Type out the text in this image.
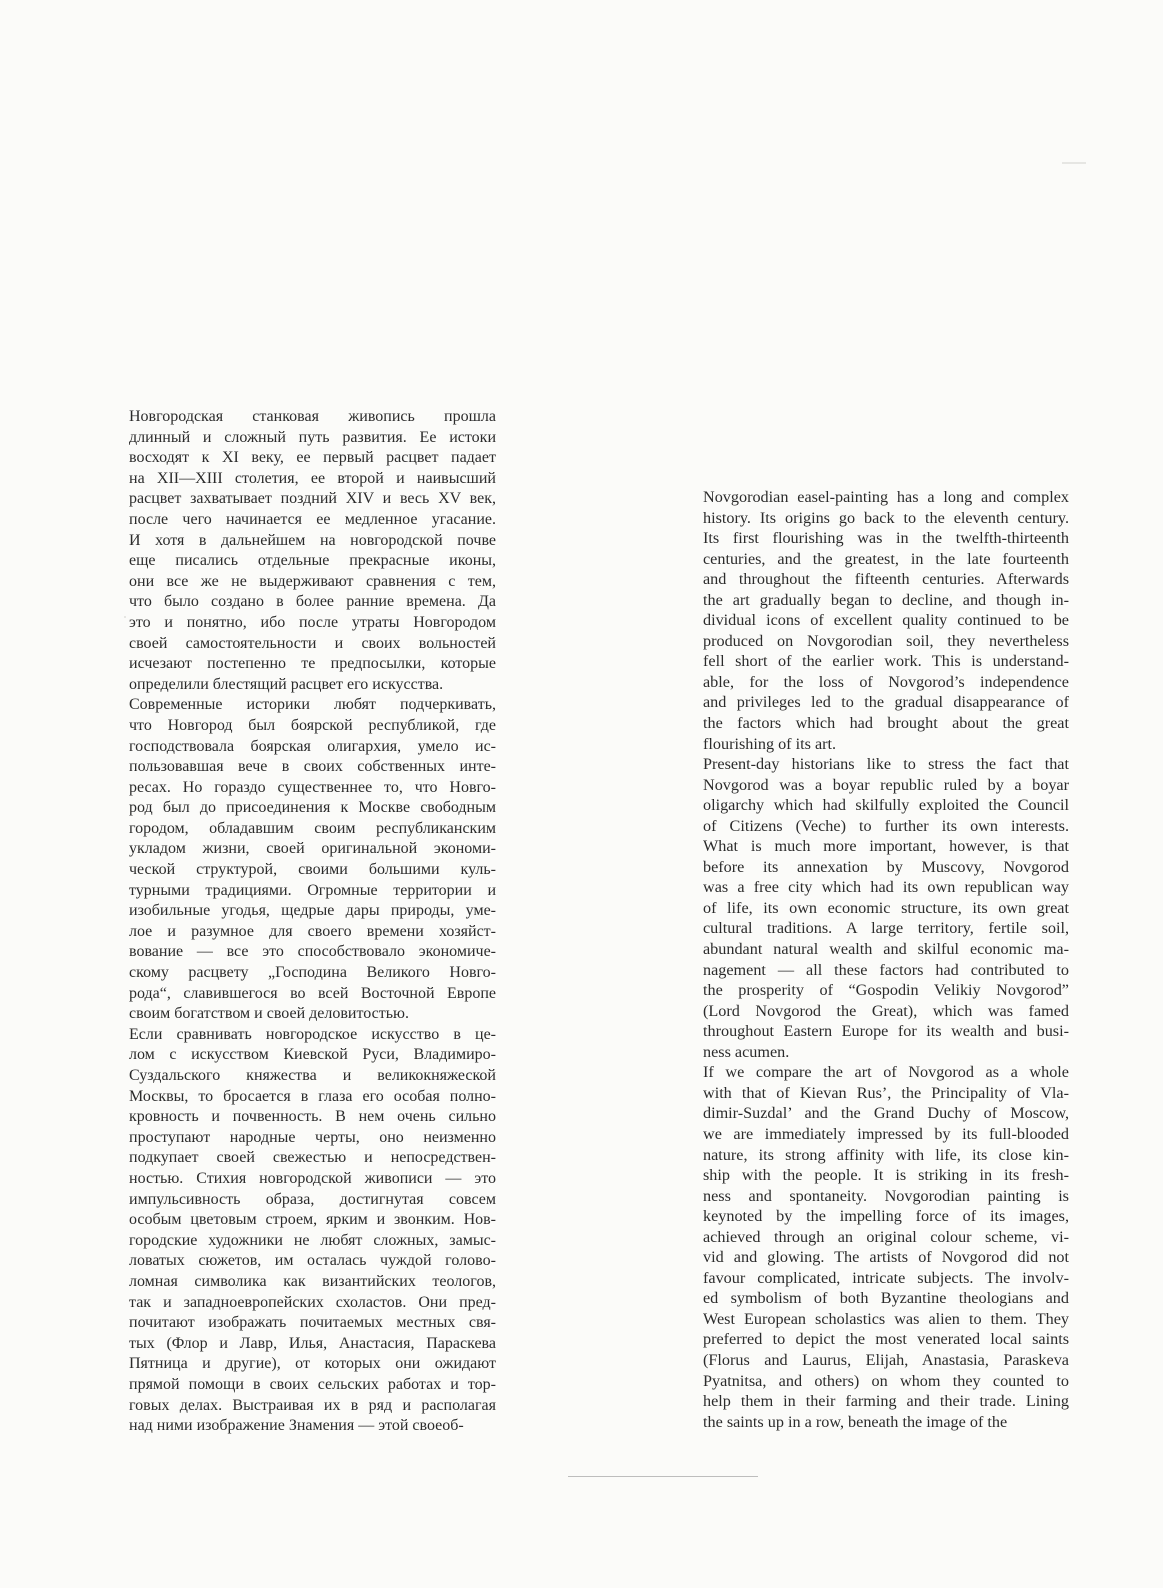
Новгородская станковая живопись прошла
длинный и сложный путь развития. Ее истоки
восходят к XI веку, ее первый расцвет падает
на XII—XIII столетия, ее второй и наивысший
расцвет захватывает поздний XIV и весь XV век,
после чего начинается ее медленное угасание.
И хотя в дальнейшем на новгородской почве
еще писались отдельные прекрасные иконы,
они все же не выдерживают сравнения с тем,
что было создано в более ранние времена. Да
это и понятно, ибо после утраты Новгородом
своей самостоятельности и своих вольностей
исчезают постепенно те предпосылки, которые
определили блестящий расцвет его искусства.
Современные историки любят подчеркивать,
что Новгород был боярской республикой, где
господствовала боярская олигархия, умело ис-
пользовавшая вече в своих собственных инте-
ресах. Но гораздо существеннее то, что Новго-
род был до присоединения к Москве свободным
городом, обладавшим своим республиканским
укладом жизни, своей оригинальной экономи-
ческой структурой, своими большими куль-
турными традициями. Огромные территории и
изобильные угодья, щедрые дары природы, уме-
лое и разумное для своего времени хозяйст-
вование — все это способствовало экономиче-
скому расцвету „Господина Великого Новго-
рода“, славившегося во всей Восточной Европе
своим богатством и своей деловитостью.
Если сравнивать новгородское искусство в це-
лом с искусством Киевской Руси, Владимиро-
Суздальского княжества и великокняжеской
Москвы, то бросается в глаза его особая полно-
кровность и почвенность. В нем очень сильно
проступают народные черты, оно неизменно
подкупает своей свежестью и непосредствен-
ностью. Стихия новгородской живописи — это
импульсивность образа, достигнутая совсем
особым цветовым строем, ярким и звонким. Нов-
городские художники не любят сложных, замыс-
ловатых сюжетов, им осталась чуждой головo-
ломная символика как византийских теологов,
так и западноевропейских схоластов. Они пред-
почитают изображать почитаемых местных свя-
тых (Флор и Лавр, Илья, Анастасия, Параскева
Пятница и другие), от которых они ожидают
прямой помощи в своих сельских работах и тор-
говых делах. Выстраивая их в ряд и располагая
над ними изображение Знамения — этой своеоб-
Novgorodian easel-painting has a long and complex
history. Its origins go back to the eleventh century.
Its first flourishing was in the twelfth-thirteenth
centuries, and the greatest, in the late fourteenth
and throughout the fifteenth centuries. Afterwards
the art gradually began to decline, and though in-
dividual icons of excellent quality continued to be
produced on Novgorodian soil, they nevertheless
fell short of the earlier work. This is understand-
able, for the loss of Novgorod’s independence
and privileges led to the gradual disappearance of
the factors which had brought about the great
flourishing of its art.
Present-day historians like to stress the fact that
Novgorod was a boyar republic ruled by a boyar
oligarchy which had skilfully exploited the Council
of Citizens (Veche) to further its own interests.
What is much more important, however, is that
before its annexation by Muscovy, Novgorod
was a free city which had its own republican way
of life, its own economic structure, its own great
cultural traditions. A large territory, fertile soil,
abundant natural wealth and skilful economic ma-
nagement — all these factors had contributed to
the prosperity of “Gospodin Velikiy Novgorod”
(Lord Novgorod the Great), which was famed
throughout Eastern Europe for its wealth and busi-
ness acumen.
If we compare the art of Novgorod as a whole
with that of Kievan Rus’, the Principality of Vla-
dimir-Suzdal’ and the Grand Duchy of Moscow,
we are immediately impressed by its full-blooded
nature, its strong affinity with life, its close kin-
ship with the people. It is striking in its fresh-
ness and spontaneity. Novgorodian painting is
keynoted by the impelling force of its images,
achieved through an original colour scheme, vi-
vid and glowing. The artists of Novgorod did not
favour complicated, intricate subjects. The involv-
ed symbolism of both Byzantine theologians and
West European scholastics was alien to them. They
preferred to depict the most venerated local saints
(Florus and Laurus, Elijah, Anastasia, Paraskeva
Pyatnitsa, and others) on whom they counted to
help them in their farming and their trade. Lining
the saints up in a row, beneath the image of the
